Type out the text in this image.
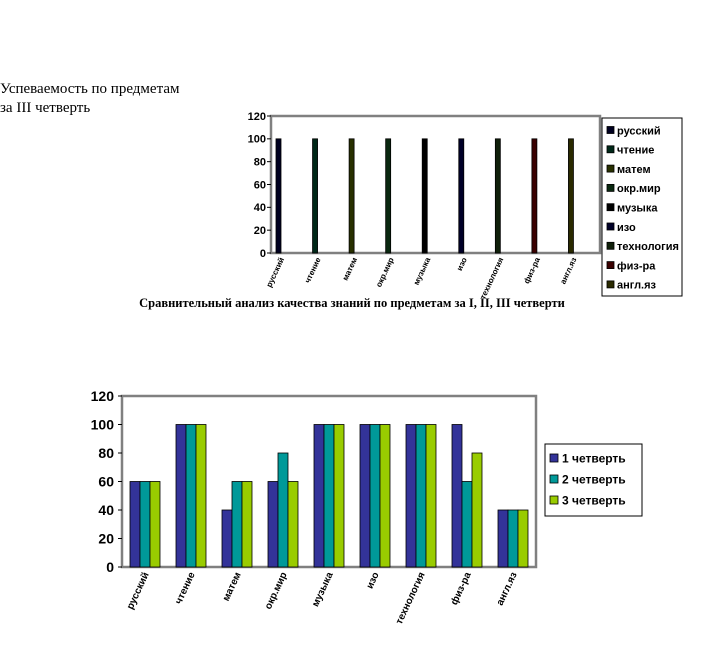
Успеваемость по предметам
за III четверть
Сравнительный анализ качества знаний по предметам за I, II, III четверти
0
20
40
60
80
100
120
русский чтение матем окр.мир музыка	изо технология физ-ра англ.яз
русский
чтение
матем
окр.мир
музыка
изо
технология
физ-ра
англ.яз
0
20
40
60
80
100
120
русский чтение матем окр.мир музыка	изо технология физ-ра англ.яз
1 четверть
2 четверть
3 четверть
